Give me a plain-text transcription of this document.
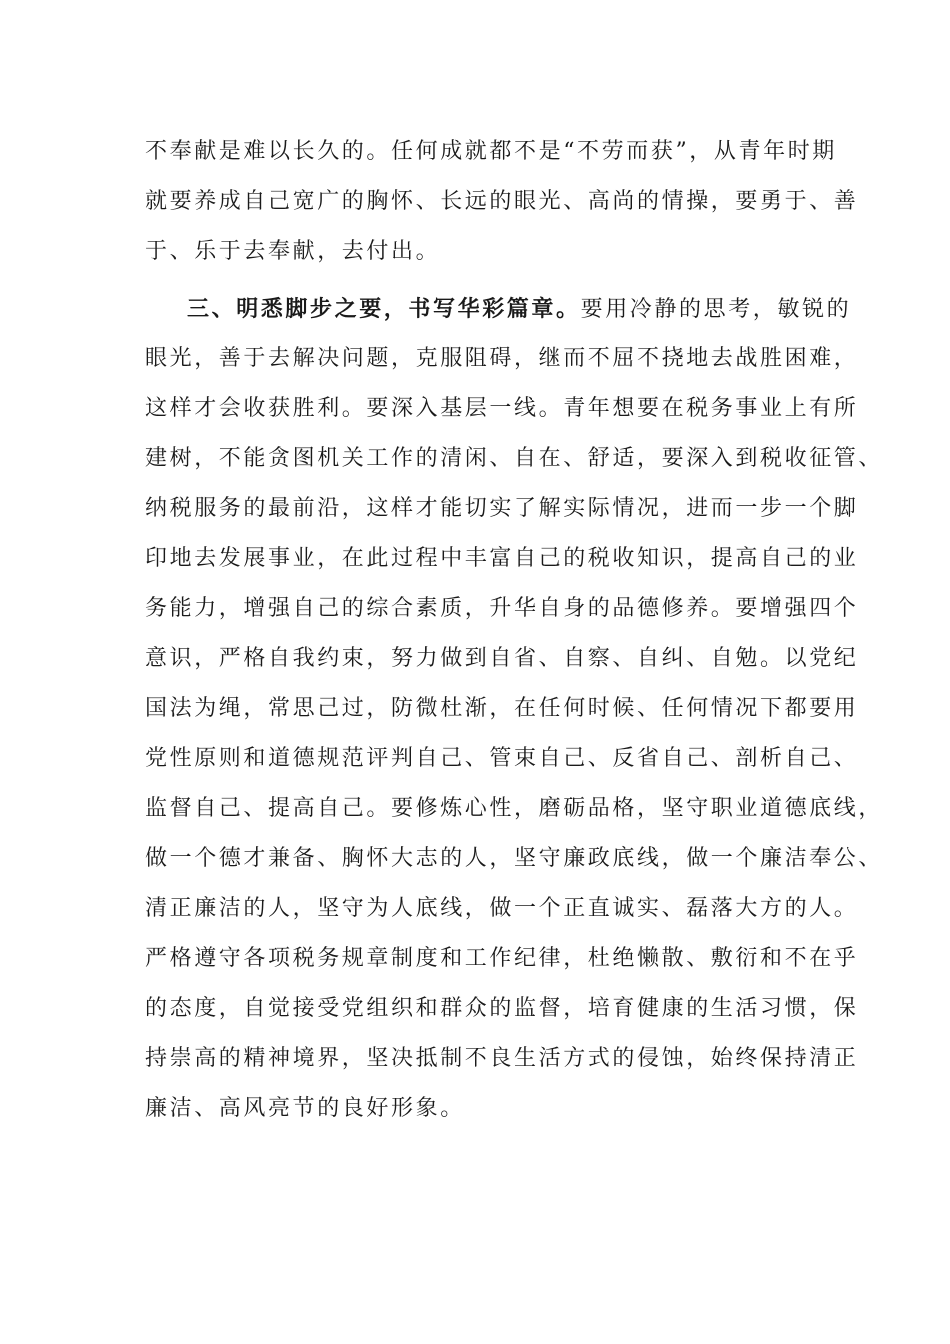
不奉献是难以长久的。任何成就都不是“不劳而获”，从青年时期
就要养成自己宽广的胸怀、长远的眼光、高尚的情操，要勇于、善
于、乐于去奉献，去付出。
三、明悉脚步之要，书写华彩篇章。要用冷静的思考，敏锐的
眼光，善于去解决问题，克服阻碍，继而不屈不挠地去战胜困难，
这样才会收获胜利。要深入基层一线。青年想要在税务事业上有所
建树，不能贪图机关工作的清闲、自在、舒适，要深入到税收征管、
纳税服务的最前沿，这样才能切实了解实际情况，进而一步一个脚
印地去发展事业，在此过程中丰富自己的税收知识，提高自己的业
务能力，增强自己的综合素质，升华自身的品德修养。要增强四个
意识，严格自我约束，努力做到自省、自察、自纠、自勉。以党纪
国法为绳，常思己过，防微杜渐，在任何时候、任何情况下都要用
党性原则和道德规范评判自己、管束自己、反省自己、剖析自己、
监督自己、提高自己。要修炼心性，磨砺品格，坚守职业道德底线，
做一个德才兼备、胸怀大志的人，坚守廉政底线，做一个廉洁奉公、
清正廉洁的人，坚守为人底线，做一个正直诚实、磊落大方的人。
严格遵守各项税务规章制度和工作纪律，杜绝懒散、敷衍和不在乎
的态度，自觉接受党组织和群众的监督，培育健康的生活习惯，保
持崇高的精神境界，坚决抵制不良生活方式的侵蚀，始终保持清正
廉洁、高风亮节的良好形象。
